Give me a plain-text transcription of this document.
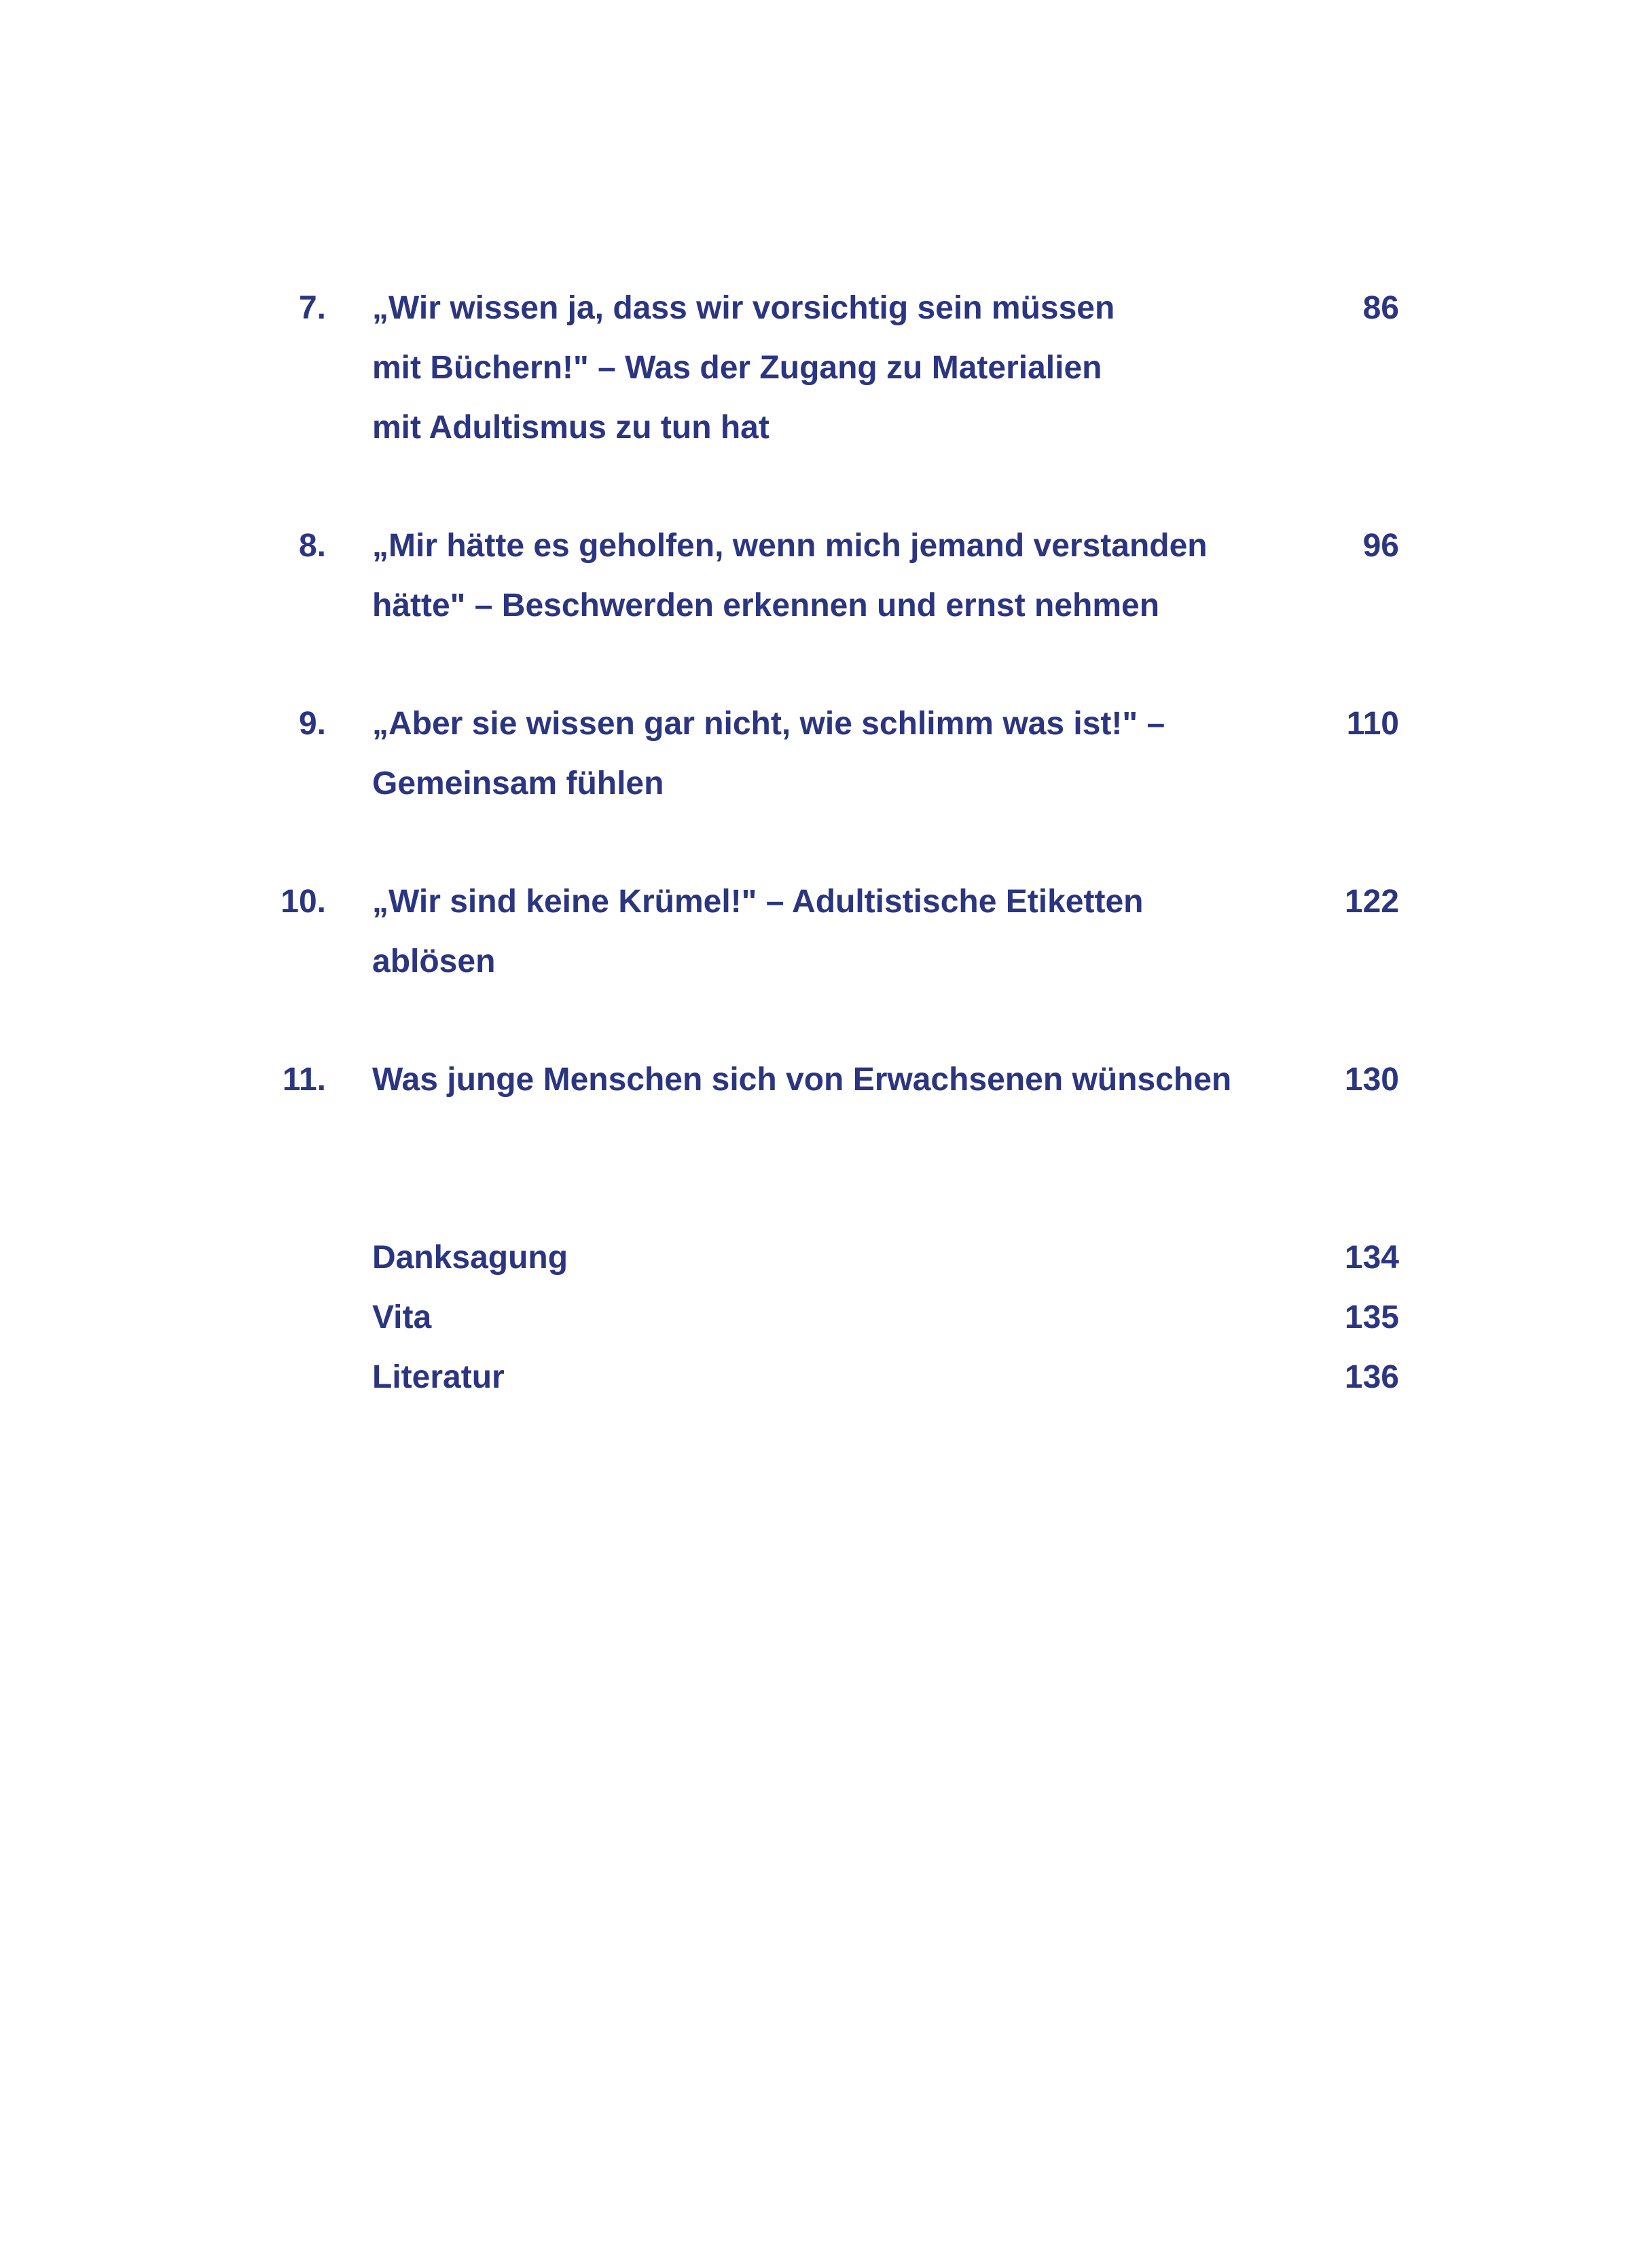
7. „Wir wissen ja, dass wir vorsichtig sein müssen
mit Büchern!" – Was der Zugang zu Materialien
mit Adultismus zu tun hat
86
8. „Mir hätte es geholfen, wenn mich jemand verstanden
hätte" – Beschwerden erkennen und ernst nehmen
96
9. „Aber sie wissen gar nicht, wie schlimm was ist!" –
Gemeinsam fühlen
110
10. „Wir sind keine Krümel!" – Adultistische Etiketten
ablösen
122
11. Was junge Menschen sich von Erwachsenen wünschen	130
Danksagung	134
Vita	135
Literatur	136
